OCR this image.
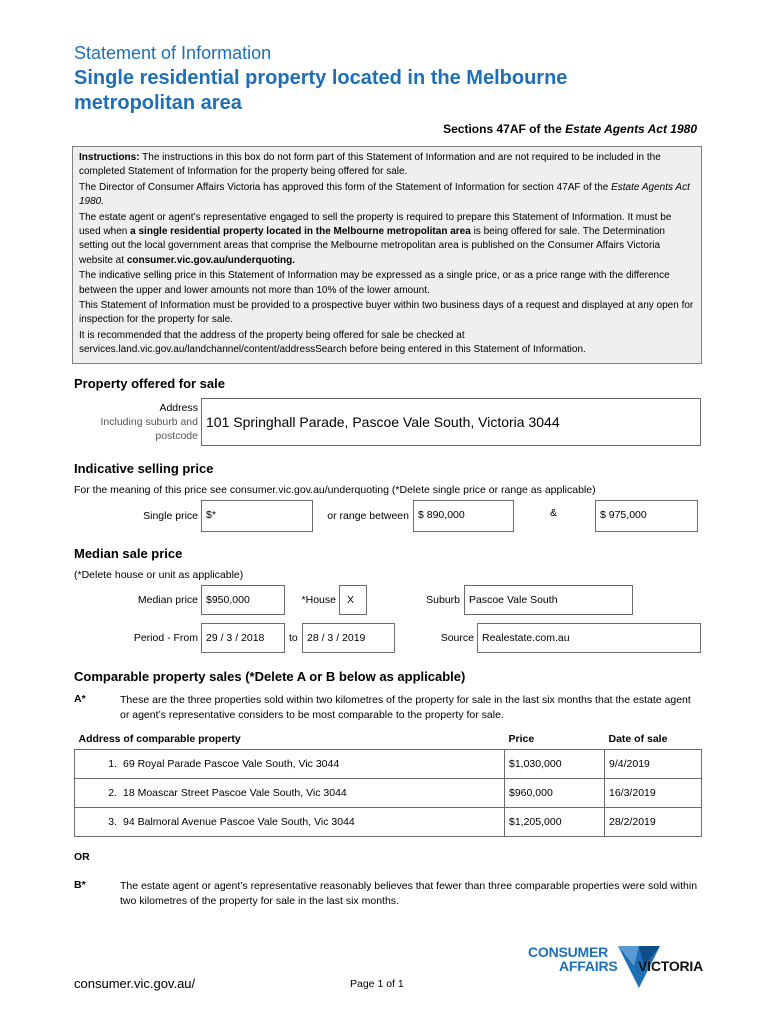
Statement of Information
Single residential property located in the Melbourne metropolitan area
Sections 47AF of the Estate Agents Act 1980

Instructions: The instructions in this box do not form part of this Statement of Information and are not required to be included in the completed Statement of Information for the property being offered for sale.

The Director of Consumer Affairs Victoria has approved this form of the Statement of Information for section 47AF of the Estate Agents Act 1980.

The estate agent or agent’s representative engaged to sell the property is required to prepare this Statement of Information. It must be used when a single residential property located in the Melbourne metropolitan area is being offered for sale. The Determination setting out the local government areas that comprise the Melbourne metropolitan area is published on the Consumer Affairs Victoria website at consumer.vic.gov.au/underquoting.

The indicative selling price in this Statement of Information may be expressed as a single price, or as a price range with the difference between the upper and lower amounts not more than 10% of the lower amount.

This Statement of Information must be provided to a prospective buyer within two business days of a request and displayed at any open for inspection for the property for sale.

It is recommended that the address of the property being offered for sale be checked at services.land.vic.gov.au/landchannel/content/addressSearch before being entered in this Statement of Information.

Property offered for sale
Address
Including suburb and
postcode
101 Springhall Parade, Pascoe Vale South, Victoria 3044
Indicative selling price
For the meaning of this price see consumer.vic.gov.au/underquoting (*Delete single price or range as applicable)
Single price $*	or range between $ 890,000	&	$ 975,000
Median sale price
(*Delete house or unit as applicable)
Median price $950,000	*House	X	Suburb Pascoe Vale South
Period - From 29 / 3 / 2018	to 28 / 3 / 2019	Source Realestate.com.au
Comparable property sales (*Delete A or B below as applicable)
A*	These are the three properties sold within two kilometres of the property for sale in the last six months that the estate agent or agent’s representative considers to be most comparable to the property for sale.
Address of comparable property	Price	Date of sale
1. 69 Royal Parade Pascoe Vale South, Vic 3044	$1,030,000	9/4/2019
2. 18 Moascar Street Pascoe Vale South, Vic 3044	$960,000	16/3/2019
3. 94 Balmoral Avenue Pascoe Vale South, Vic 3044	$1,205,000	28/2/2019
OR
B*	The estate agent or agent’s representative reasonably believes that fewer than three comparable properties were sold within two kilometres of the property for sale in the last six months.
CONSUMER
AFFAIRS VICTORIA
consumer.vic.gov.au/	Page 1 of 1
